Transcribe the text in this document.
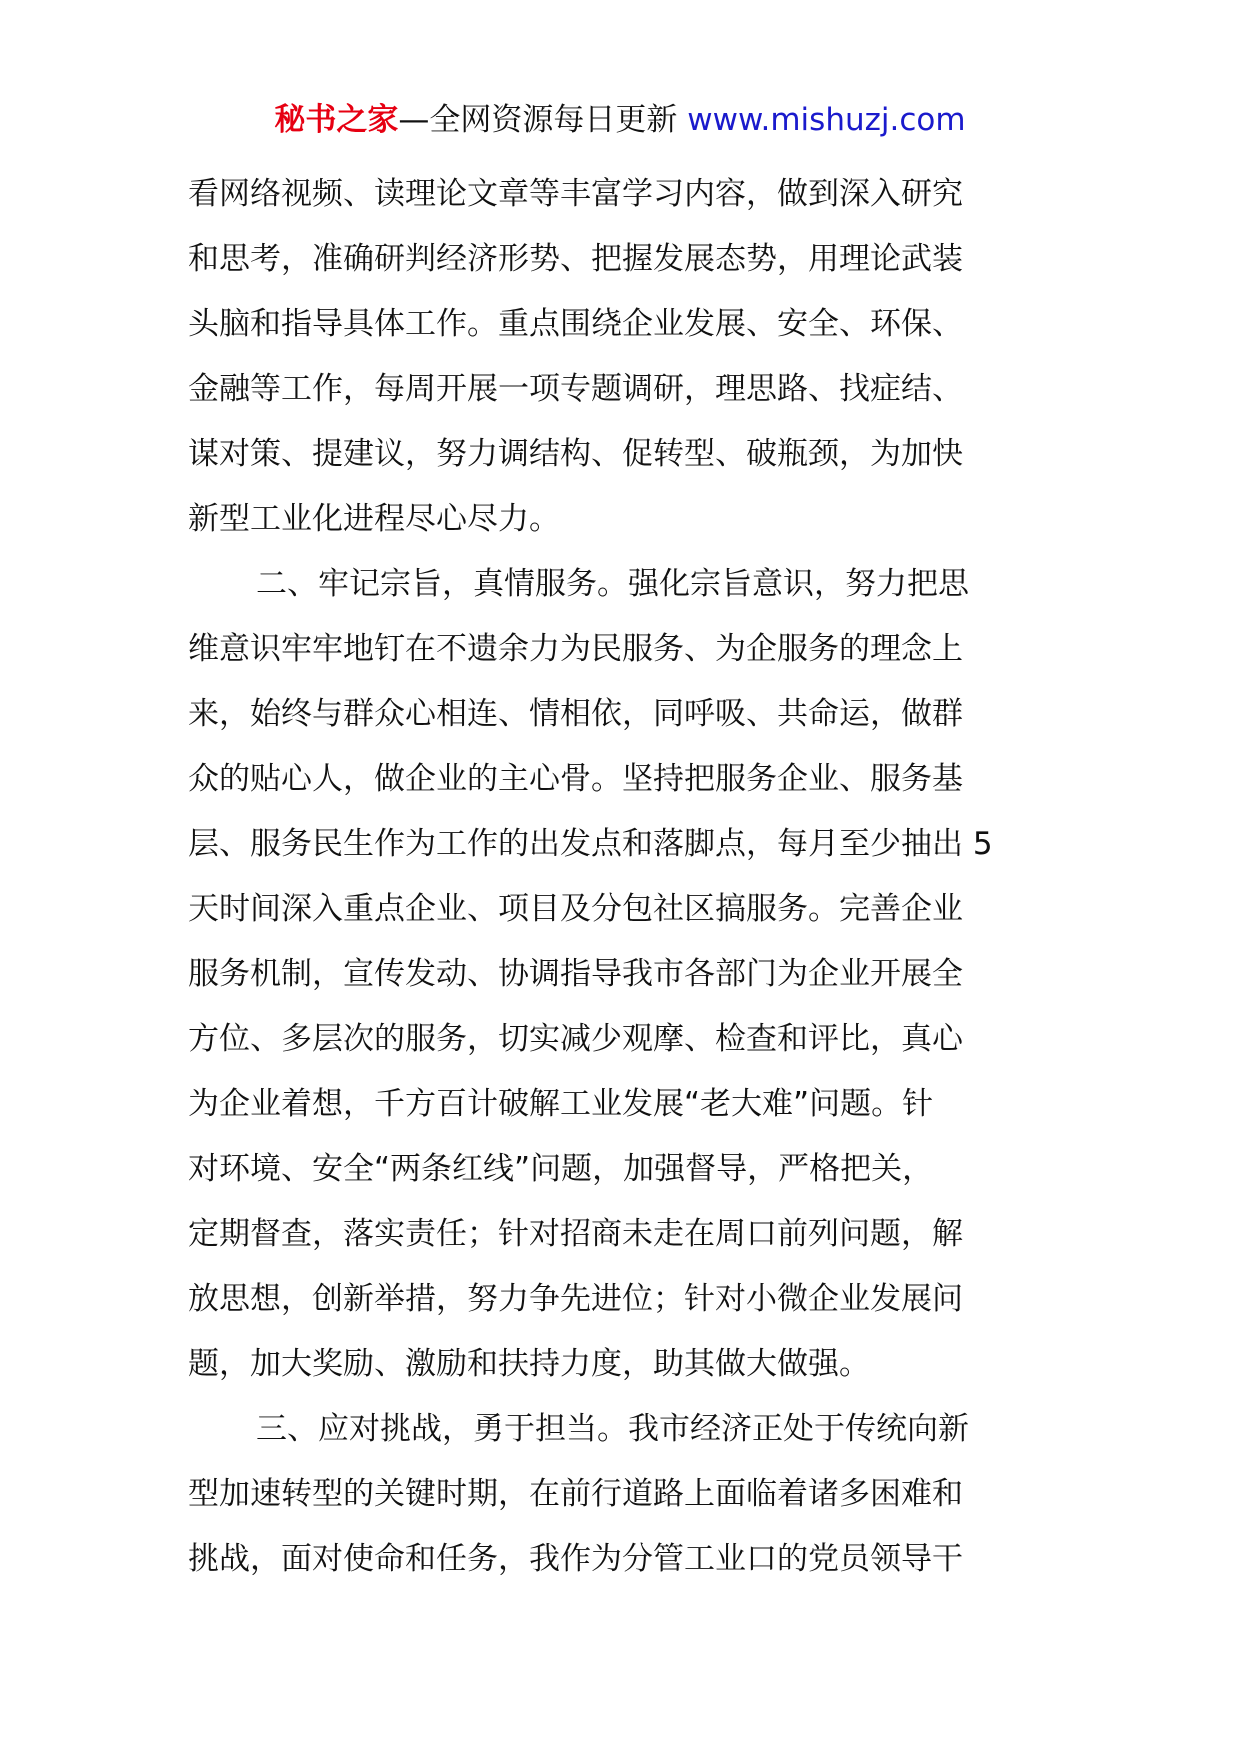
秘书之家—全网资源每日更新 www.mishuzj.com

看网络视频、读理论文章等丰富学习内容，做到深入研究
和思考，准确研判经济形势、把握发展态势，用理论武装
头脑和指导具体工作。重点围绕企业发展、安全、环保、
金融等工作，每周开展一项专题调研，理思路、找症结、
谋对策、提建议，努力调结构、促转型、破瓶颈，为加快
新型工业化进程尽心尽力。

二、牢记宗旨，真情服务。强化宗旨意识，努力把思
维意识牢牢地钉在不遗余力为民服务、为企服务的理念上
来，始终与群众心相连、情相依，同呼吸、共命运，做群
众的贴心人，做企业的主心骨。坚持把服务企业、服务基
层、服务民生作为工作的出发点和落脚点，每月至少抽出 5
天时间深入重点企业、项目及分包社区搞服务。完善企业
服务机制，宣传发动、协调指导我市各部门为企业开展全
方位、多层次的服务，切实减少观摩、检查和评比，真心
为企业着想，千方百计破解工业发展“老大难”问题。针
对环境、安全“两条红线”问题，加强督导，严格把关，
定期督查，落实责任；针对招商未走在周口前列问题，解
放思想，创新举措，努力争先进位；针对小微企业发展问
题，加大奖励、激励和扶持力度，助其做大做强。

三、应对挑战，勇于担当。我市经济正处于传统向新
型加速转型的关键时期，在前行道路上面临着诸多困难和
挑战，面对使命和任务，我作为分管工业口的党员领导干
